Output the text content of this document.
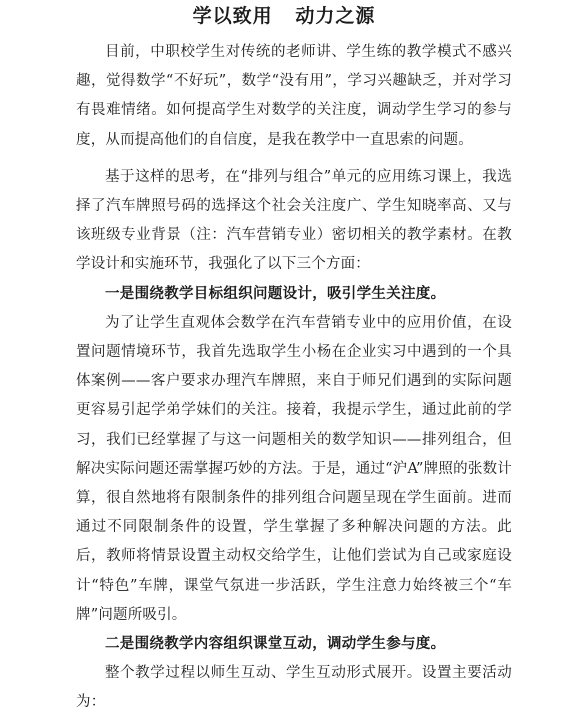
学以致用   动力之源

目前，中职校学生对传统的老师讲、学生练的教学模式不感兴趣，觉得数学“不好玩”，数学“没有用”，学习兴趣缺乏，并对学习有畏难情绪。如何提高学生对数学的关注度，调动学生学习的参与度，从而提高他们的自信度，是我在教学中一直思索的问题。

基于这样的思考，在“排列与组合”单元的应用练习课上，我选择了汽车牌照号码的选择这个社会关注度广、学生知晓率高、又与该班级专业背景（注：汽车营销专业）密切相关的教学素材。在教学设计和实施环节，我强化了以下三个方面：

一是围绕教学目标组织问题设计，吸引学生关注度。

为了让学生直观体会数学在汽车营销专业中的应用价值，在设置问题情境环节，我首先选取学生小杨在企业实习中遇到的一个具体案例——客户要求办理汽车牌照，来自于师兄们遇到的实际问题更容易引起学弟学妹们的关注。接着，我提示学生，通过此前的学习，我们已经掌握了与这一问题相关的数学知识——排列组合，但解决实际问题还需掌握巧妙的方法。于是，通过“沪A”牌照的张数计算，很自然地将有限制条件的排列组合问题呈现在学生面前。进而通过不同限制条件的设置，学生掌握了多种解决问题的方法。此后，教师将情景设置主动权交给学生，让他们尝试为自己或家庭设计“特色”车牌，课堂气氛进一步活跃，学生注意力始终被三个“车牌”问题所吸引。

二是围绕教学内容组织课堂互动，调动学生参与度。

整个教学过程以师生互动、学生互动形式展开。设置主要活动为：
